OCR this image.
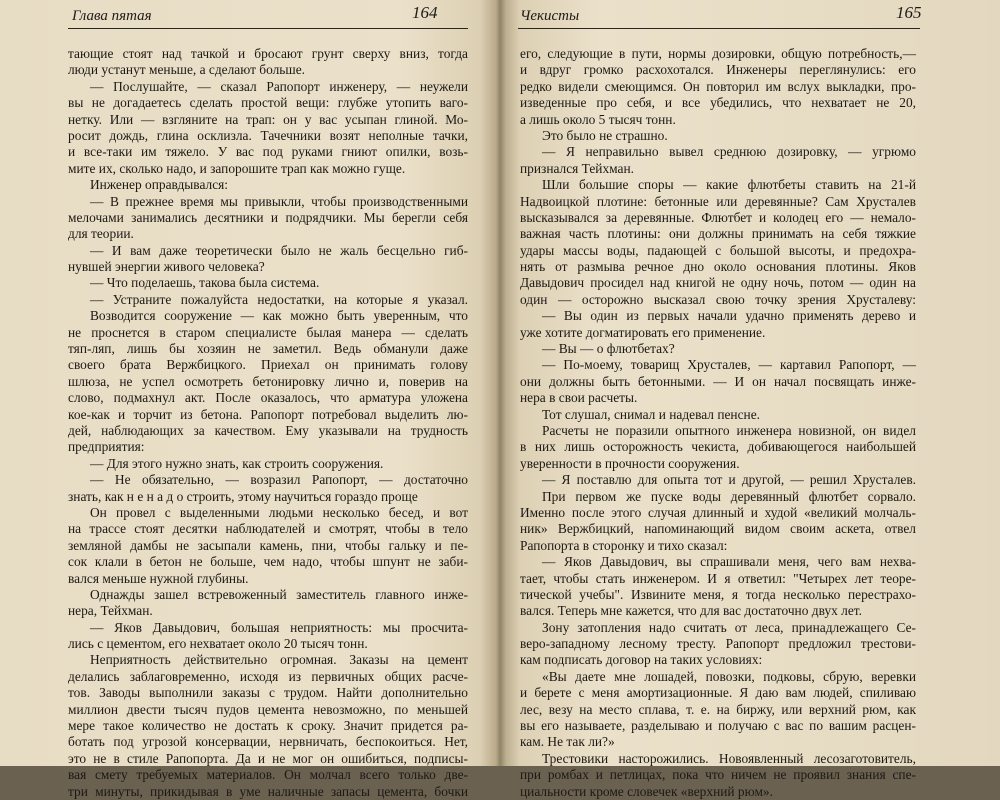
Глава пятая	164
тающие стоят над тачкой и бросают грунт сверху вниз, тогда
люди устанут меньше, а сделают больше.
— Послушайте, — сказал Рапопорт инженеру, — неужели
вы не догадаетесь сделать простой вещи: глубже утопить ваго-
нетку. Или — взгляните на трап: он у вас усыпан глиной. Мо-
росит дождь, глина осклизла. Тачечники возят неполные тачки,
и все-таки им тяжело. У вас под руками гниют опилки, возь-
мите их, сколько надо, и запорошите трап как можно гуще.
Инженер оправдывался:
— В прежнее время мы привыкли, чтобы производственными
мелочами занимались десятники и подрядчики. Мы берегли себя
для теории.
— И вам даже теоретически было не жаль бесцельно гиб-
нувшей энергии живого человека?
— Что поделаешь, такова была система.
— Устраните пожалуйста недостатки, на которые я указал.
Возводится сооружение — как можно быть уверенным, что
не проснется в старом специалисте былая манера — сделать
тяп-ляп, лишь бы хозяин не заметил. Ведь обманули даже
своего брата Вержбицкого. Приехал он принимать голову
шлюза, не успел осмотреть бетонировку лично и, поверив на
слово, подмахнул акт. После оказалось, что арматура уложена
кое-как и торчит из бетона. Рапопорт потребовал выделить лю-
дей, наблюдающих за качеством. Ему указывали на трудность
предприятия:
— Для этого нужно знать, как строить сооружения.
— Не обязательно, — возразил Рапопорт, — достаточно
знать, как н е н а д о строить, этому научиться гораздо проще
Он провел с выделенными людьми несколько бесед, и вот
на трассе стоят десятки наблюдателей и смотрят, чтобы в тело
земляной дамбы не засыпали камень, пни, чтобы гальку и пе-
сок клали в бетон не больше, чем надо, чтобы шпунт не заби-
вался меньше нужной глубины.
Однажды зашел встревоженный заместитель главного инже-
нера, Тейхман.
— Яков Давыдович, большая неприятность: мы просчита-
лись с цементом, его нехватает около 20 тысяч тонн.
Неприятность действительно огромная. Заказы на цемент
делались заблаговременно, исходя из первичных общих расче-
тов. Заводы выполнили заказы с трудом. Найти дополнительно
миллион двести тысяч пудов цемента невозможно, по меньшей
мере такое количество не достать к сроку. Значит придется ра-
ботать под угрозой консервации, нервничать, беспокоиться. Нет,
это не в стиле Рапопорта. Да и не мог он ошибиться, подписы-
вая смету требуемых материалов. Он молчал всего только две-
три минуты, прикидывая в уме наличные запасы цемента, бочки
Чекисты	165
его, следующие в пути, нормы дозировки, общую потребность,—
и вдруг громко расхохотался. Инженеры переглянулись: его
редко видели смеющимся. Он повторил им вслух выкладки, про-
изведенные про себя, и все убедились, что нехватает не 20,
а лишь около 5 тысяч тонн.
Это было не страшно.
— Я неправильно вывел среднюю дозировку, — угрюмо
признался Тейхман.
Шли большие споры — какие флютбеты ставить на 21-й
Надвоицкой плотине: бетонные или деревянные? Сам Хрусталев
высказывался за деревянные. Флютбет и колодец его — немало-
важная часть плотины: они должны принимать на себя тяжкие
удары массы воды, падающей с большой высоты, и предохра-
нять от размыва речное дно около основания плотины. Яков
Давыдович просидел над книгой не одну ночь, потом — один на
один — осторожно высказал свою точку зрения Хрусталеву:
— Вы один из первых начали удачно применять дерево и
уже хотите догматировать его применение.
— Вы — о флютбетах?
— По-моему, товарищ Хрусталев, — картавил Рапопорт, —
они должны быть бетонными. — И он начал посвящать инже-
нера в свои расчеты.
Тот слушал, снимал и надевал пенсне.
Расчеты не поразили опытного инженера новизной, он видел
в них лишь осторожность чекиста, добивающегося наибольшей
уверенности в прочности сооружения.
— Я поставлю для опыта тот и другой, — решил Хрусталев.
При первом же пуске воды деревянный флютбет сорвало.
Именно после этого случая длинный и худой «великий молчаль-
ник» Вержбицкий, напоминающий видом своим аскета, отвел
Рапопорта в сторонку и тихо сказал:
— Яков Давыдович, вы спрашивали меня, чего вам нехва-
тает, чтобы стать инженером. И я ответил: "Четырех лет теоре-
тической учебы". Извините меня, я тогда несколько перестрахо-
вался. Теперь мне кажется, что для вас достаточно двух лет.
Зону затопления надо считать от леса, принадлежащего Се-
веро-западному лесному тресту. Рапопорт предложил трестови-
кам подписать договор на таких условиях:
«Вы даете мне лошадей, повозки, подковы, сбрую, веревки
и берете с меня амортизационные. Я даю вам людей, спиливаю
лес, везу на место сплава, т. е. на биржу, или верхний рюм, как
вы его называете, разделываю и получаю с вас по вашим расцен-
кам. Не так ли?»
Трестовики насторожились. Новоявленный лесозаготовитель,
при ромбах и петлицах, пока что ничем не проявил знания спе-
циальности кроме словечек «верхний рюм».
